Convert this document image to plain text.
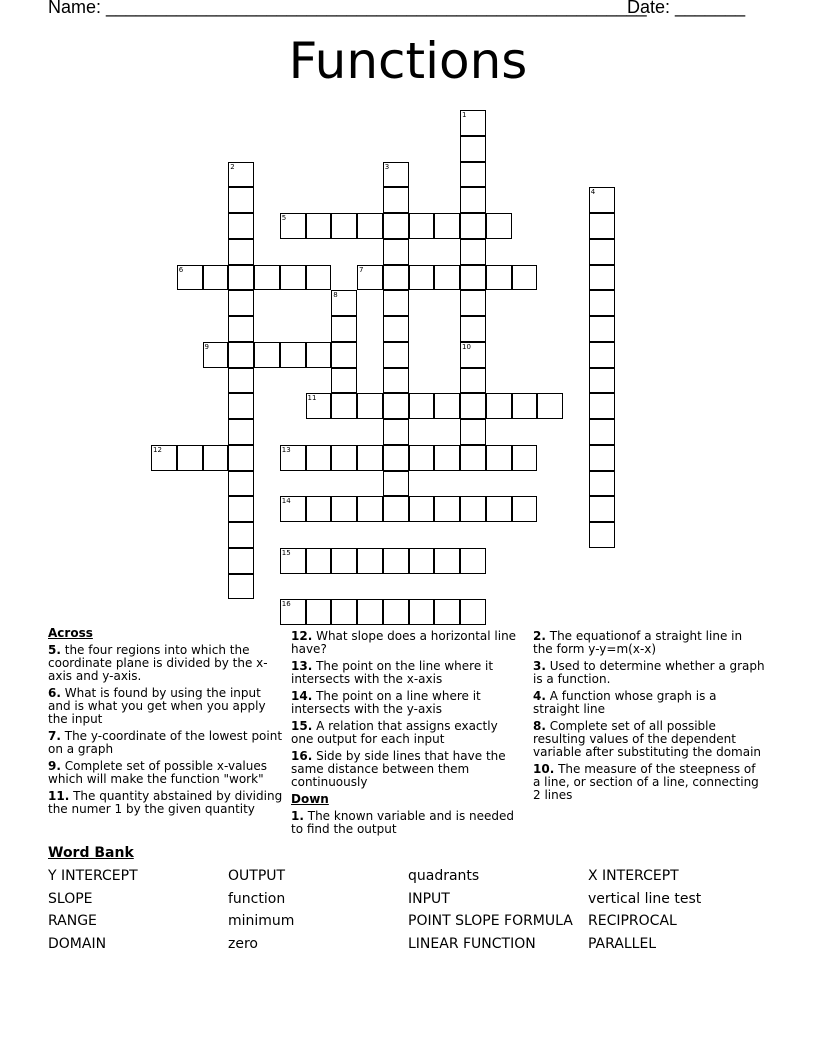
Name: ______________________________________________________
Date: _______
Functions
1
2	3
4
5
6	7
8
9	10
11
12	13
14
15
16
Across
5. the four regions into which the coordinate plane is divided by the x-axis and y-axis.
6. What is found by using the input and is what you get when you apply the input
7. The y-coordinate of the lowest point on a graph
9. Complete set of possible x-values which will make the function "work"
11. The quantity abstained by dividing the numer 1 by the given quantity
12. What slope does a horizontal line have?
13. The point on the line where it intersects with the x-axis
14. The point on a line where it intersects with the y-axis
15. A relation that assigns exactly one output for each input
16. Side by side lines that have the same distance between them continuously
Down
1. The known variable and is needed to find the output
2. The equationof a straight line in the form y-y=m(x-x)
3. Used to determine whether a graph is a function.
4. A function whose graph is a straight line
8. Complete set of all possible resulting values of the dependent variable after substituting the domain
10. The measure of the steepness of a line, or section of a line, connecting 2 lines
Word Bank
Y INTERCEPT	OUTPUT	quadrants	X INTERCEPT
SLOPE	function	INPUT	vertical line test
RANGE	minimum	POINT SLOPE FORMULA	RECIPROCAL
DOMAIN	zero	LINEAR FUNCTION	PARALLEL
